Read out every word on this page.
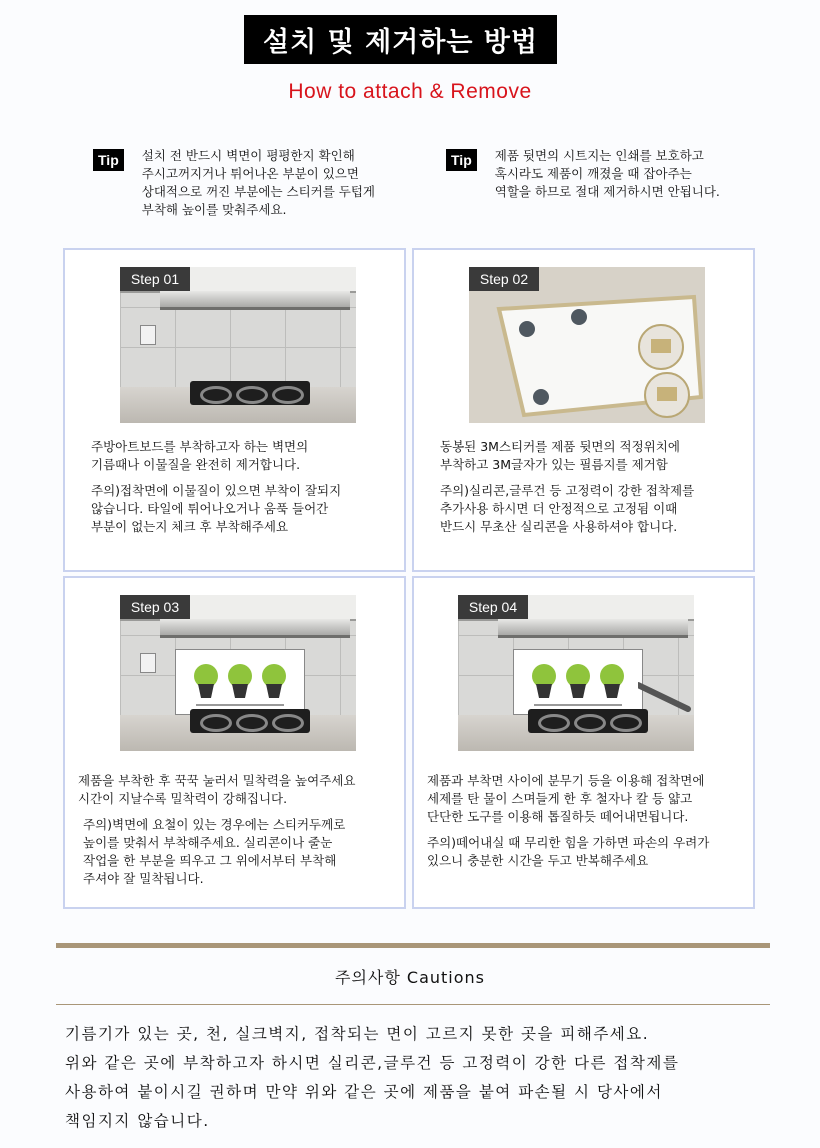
설치 및 제거하는 방법
How to attach & Remove
Tip	설치 전 반드시 벽면이 평평한지 확인해
주시고꺼지거나 튀어나온 부분이 있으면
상대적으로 꺼진 부분에는 스티커를 두텁게
부착해 높이를 맞춰주세요.
Tip	제품 뒷면의 시트지는 인쇄를 보호하고
혹시라도 제품이 깨졌을 때 잡아주는
역할을 하므로 절대 제거하시면 안됩니다.
Step 01
주방아트보드를 부착하고자 하는 벽면의
기름때나 이물질을 완전히 제거합니다.
주의)접착면에 이물질이 있으면 부착이 잘되지
않습니다. 타일에 튀어나오거나 움푹 들어간
부분이 없는지 체크 후 부착해주세요
Step 02
동봉된 3M스티커를 제품 뒷면의 적정위치에
부착하고 3M글자가 있는 필름지를 제거함
주의)실리콘,글루건 등 고정력이 강한 접착제를
추가사용 하시면 더 안정적으로 고정됨 이때
반드시 무초산 실리콘을 사용하셔야 합니다.
Step 03
제품을 부착한 후 꾹꾹 눌러서 밀착력을 높여주세요
시간이 지날수록 밀착력이 강해집니다.
주의)벽면에 요철이 있는 경우에는 스티커두께로
높이를 맞춰서 부착해주세요. 실리콘이나 줄눈
작업을 한 부분을 띄우고 그 위에서부터 부착해
주셔야 잘 밀착됩니다.
Step 04
제품과 부착면 사이에 분무기 등을 이용해 접착면에
세제를 탄 물이 스며들게 한 후 철자나 칼 등 얇고
단단한 도구를 이용해 톱질하듯 떼어내면됩니다.
주의)떼어내실 때 무리한 힘을 가하면 파손의 우려가
있으니 충분한 시간을 두고 반복해주세요
주의사항 Cautions
기름기가 있는 곳, 천, 실크벽지, 접착되는 면이 고르지 못한 곳을 피해주세요.
위와 같은 곳에 부착하고자 하시면 실리콘,글루건 등 고정력이 강한 다른 접착제를
사용하여 붙이시길 권하며 만약 위와 같은 곳에 제품을 붙여 파손될 시 당사에서
책임지지 않습니다.
